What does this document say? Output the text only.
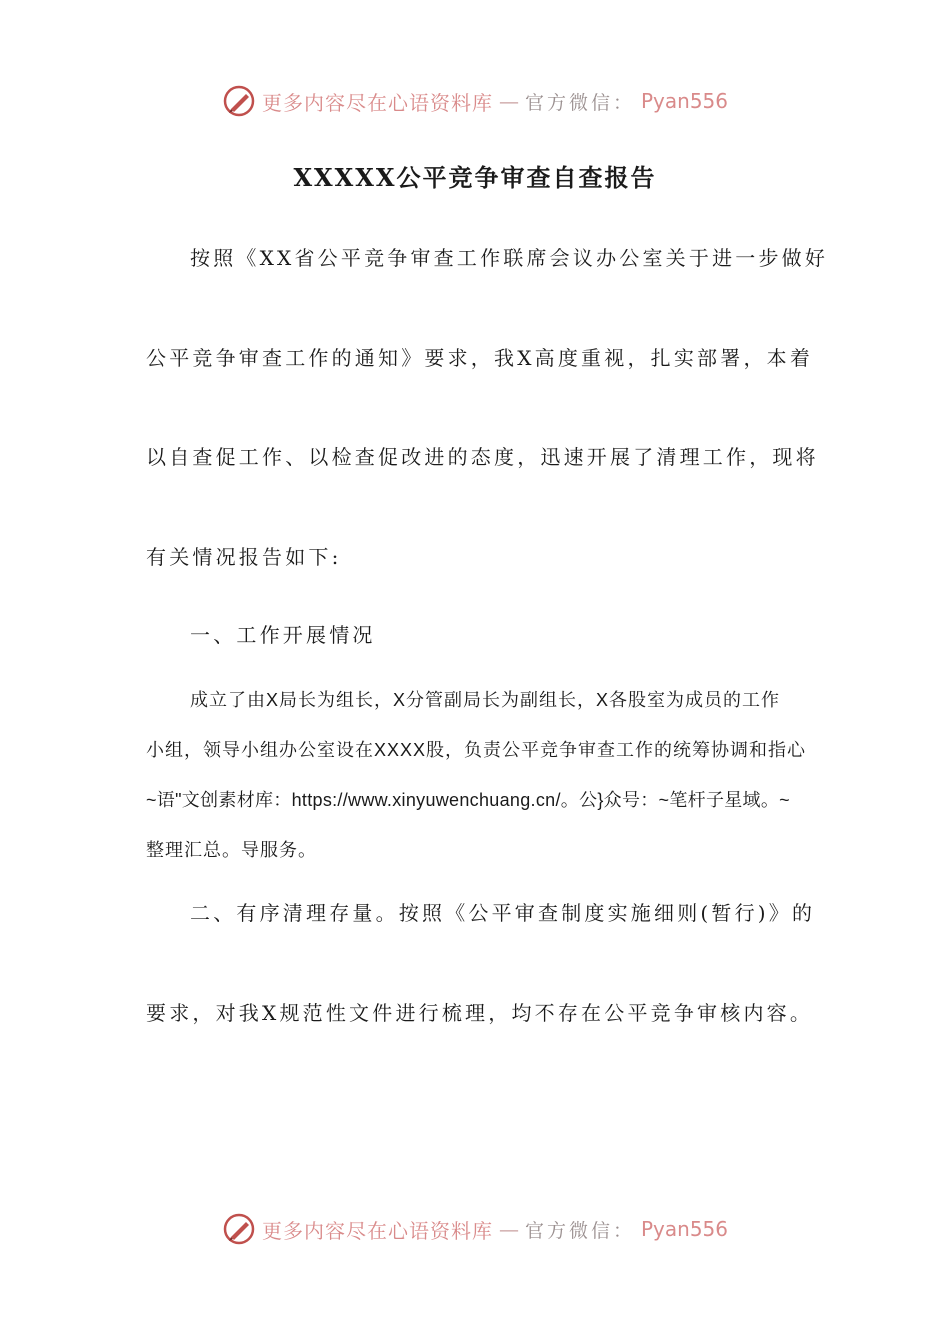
更多内容尽在心语资料库 — 官方微信： Pyan556
XXXXX公平竞争审查自查报告
按照《XX省公平竞争审查工作联席会议办公室关于进一步做好
公平竞争审查工作的通知》要求，我X高度重视，扎实部署，本着
以自查促工作、以检查促改进的态度，迅速开展了清理工作，现将
有关情况报告如下:
一、工作开展情况
成立了由X局长为组长，X分管副局长为副组长，X各股室为成员的工作
小组，领导小组办公室设在XXXX股，负责公平竞争审查工作的统筹协调和指心
~语"文创素材库：https://www.xinyuwenchuang.cn/。公}众号：~笔杆子星域。~
整理汇总。导服务。
二、有序清理存量。按照《公平审查制度实施细则(暂行)》的
要求，对我X规范性文件进行梳理，均不存在公平竞争审核内容。
更多内容尽在心语资料库 — 官方微信： Pyan556
